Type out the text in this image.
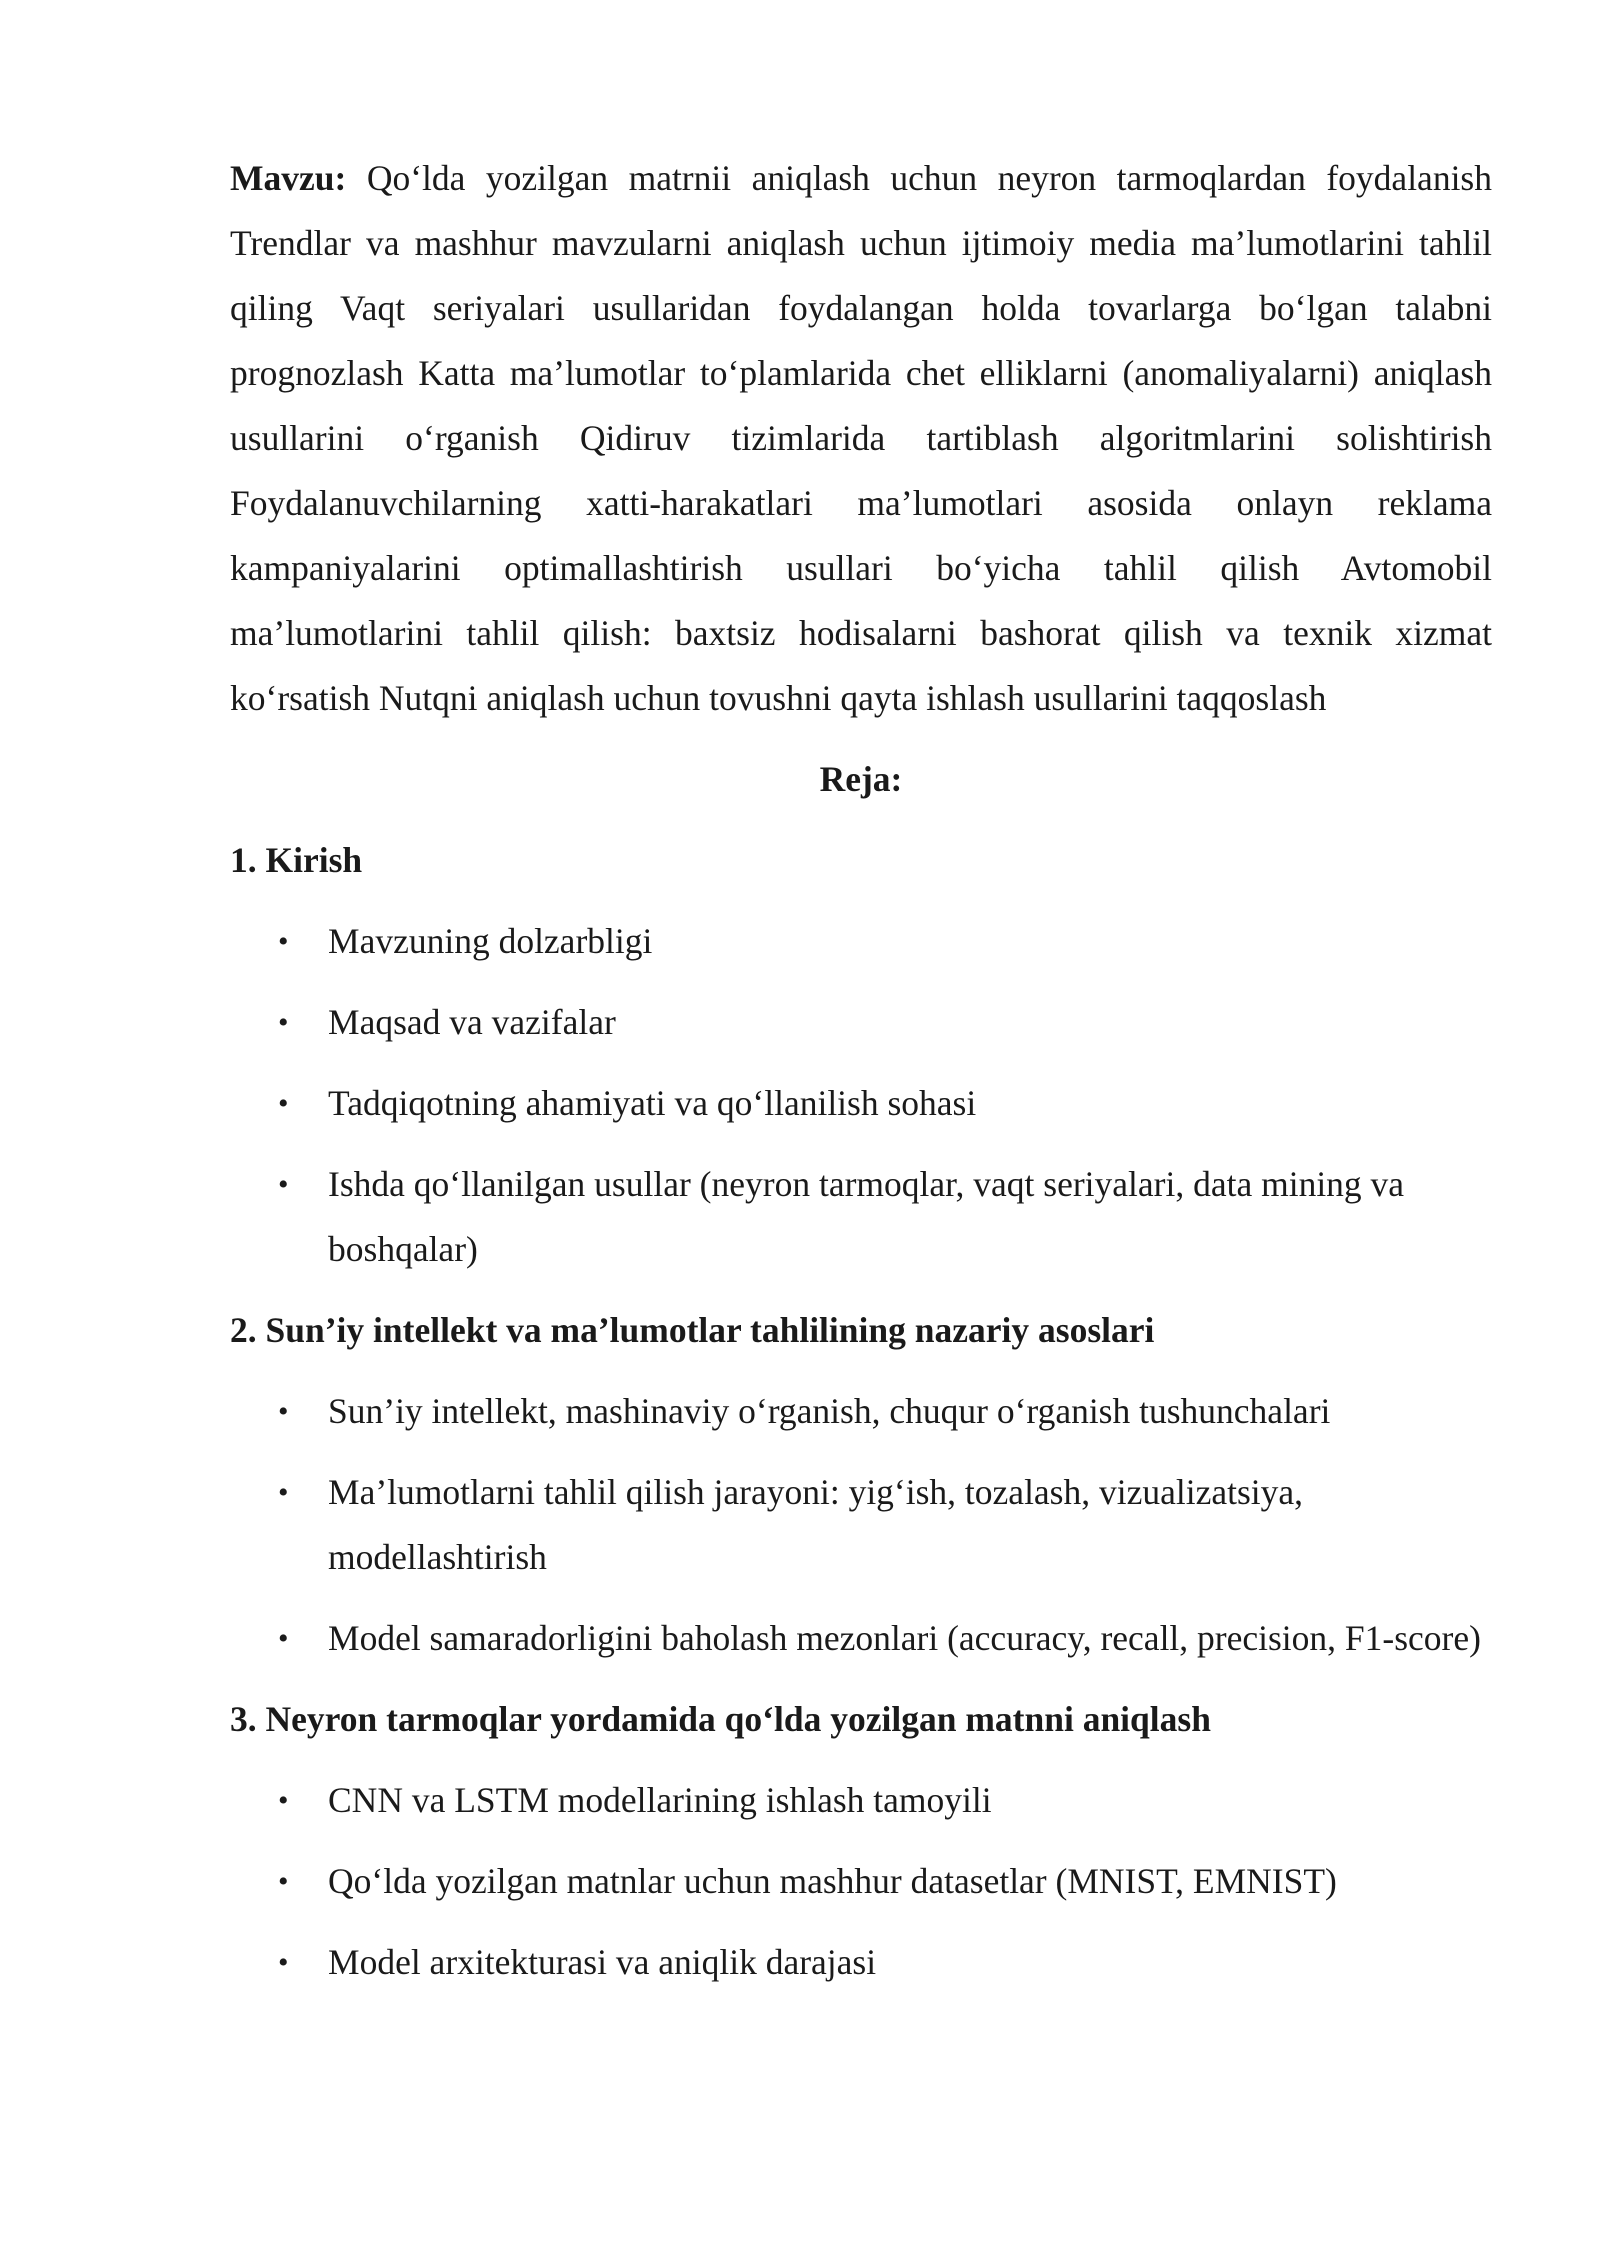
Mavzu: Qo‘lda yozilgan matrnii aniqlash uchun neyron tarmoqlardan foydalanish Trendlar va mashhur mavzularni aniqlash uchun ijtimoiy media ma’lumotlarini tahlil qiling Vaqt seriyalari usullaridan foydalangan holda tovarlarga bo‘lgan talabni prognozlash Katta ma’lumotlar to‘plamlarida chet elliklarni (anomaliyalarni) aniqlash usullarini o‘rganish Qidiruv tizimlarida tartiblash algoritmlarini solishtirish Foydalanuvchilarning xatti-harakatlari ma’lumotlari asosida onlayn reklama kampaniyalarini optimallashtirish usullari bo‘yicha tahlil qilish Avtomobil ma’lumotlarini tahlil qilish: baxtsiz hodisalarni bashorat qilish va texnik xizmat ko‘rsatish Nutqni aniqlash uchun tovushni qayta ishlash usullarini taqqoslash

Reja:

1. Kirish

• Mavzuning dolzarbligi
• Maqsad va vazifalar
• Tadqiqotning ahamiyati va qo‘llanilish sohasi
• Ishda qo‘llanilgan usullar (neyron tarmoqlar, vaqt seriyalari, data mining va boshqalar)

2. Sun’iy intellekt va ma’lumotlar tahlilining nazariy asoslari

• Sun’iy intellekt, mashinaviy o‘rganish, chuqur o‘rganish tushunchalari
• Ma’lumotlarni tahlil qilish jarayoni: yig‘ish, tozalash, vizualizatsiya, modellashtirish
• Model samaradorligini baholash mezonlari (accuracy, recall, precision, F1-score)

3. Neyron tarmoqlar yordamida qo‘lda yozilgan matnni aniqlash

• CNN va LSTM modellarining ishlash tamoyili
• Qo‘lda yozilgan matnlar uchun mashhur datasetlar (MNIST, EMNIST)
• Model arxitekturasi va aniqlik darajasi
